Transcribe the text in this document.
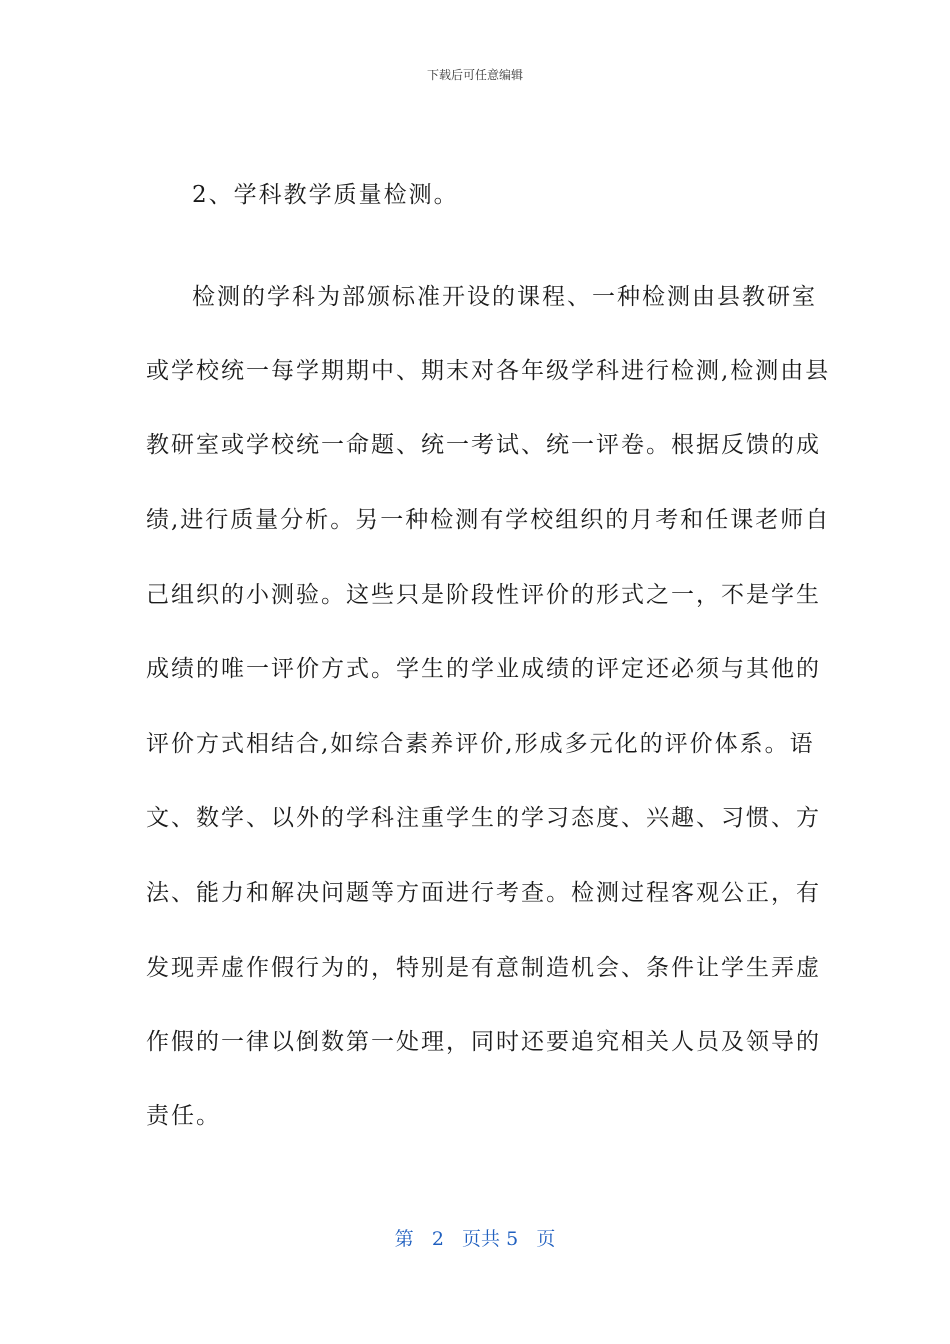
下载后可任意编辑
2、学科教学质量检测。
检测的学科为部颁标准开设的课程、一种检测由县教研室
或学校统一每学期期中、期末对各年级学科进行检测,检测由县
教研室或学校统一命题、统一考试、统一评卷。根据反馈的成
绩,进行质量分析。另一种检测有学校组织的月考和任课老师自
己组织的小测验。这些只是阶段性评价的形式之一，不是学生
成绩的唯一评价方式。学生的学业成绩的评定还必须与其他的
评价方式相结合,如综合素养评价,形成多元化的评价体系。语
文、数学、以外的学科注重学生的学习态度、兴趣、习惯、方
法、能力和解决问题等方面进行考查。检测过程客观公正，有
发现弄虚作假行为的，特别是有意制造机会、条件让学生弄虚
作假的一律以倒数第一处理，同时还要追究相关人员及领导的
责任。
第 2 页共 5 页
